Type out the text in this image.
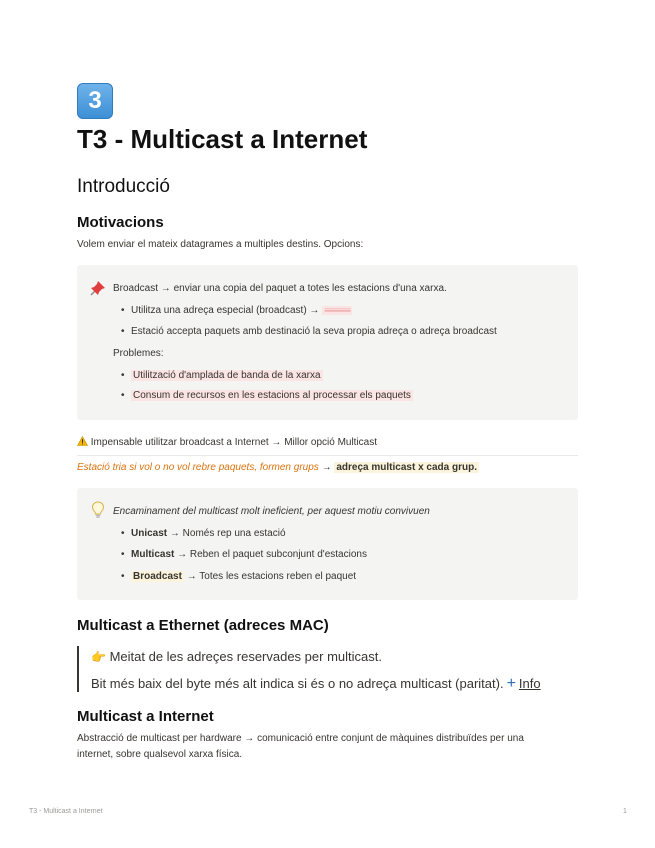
3
T3 - Multicast a Internet
Introducció
Motivacions
Volem enviar el mateix datagrames a multiples destins. Opcions:
Broadcast → enviar una copia del paquet a totes les estacions d'una xarxa.
• Utilitza una adreça especial (broadcast) → ≡≡≡≡≡≡≡
• Estació accepta paquets amb destinació la seva propia adreça o adreça broadcast
Problemes:
• Utilització d'amplada de banda de la xarxa
• Consum de recursos en les estacions al processar els paquets
Impensable utilitzar broadcast a Internet → Millor opció Multicast
Estació tria si vol o no vol rebre paquets, formen grups → adreça multicast x cada grup.
Encaminament del multicast molt ineficient, per aquest motiu convivuen
• Unicast → Només rep una estació
• Multicast → Reben el paquet subconjunt d'estacions
• Broadcast → Totes les estacions reben el paquet
Multicast a Ethernet (adreces MAC)
👉 Meitat de les adreçes reservades per multicast.
Bit més baix del byte més alt indica si és o no adreça multicast (paritat). + Info
Multicast a Internet
Abstracció de multicast per hardware → comunicació entre conjunt de màquines distribuïdes per una
internet, sobre qualsevol xarxa física.
T3 - Multicast a Internet	1
